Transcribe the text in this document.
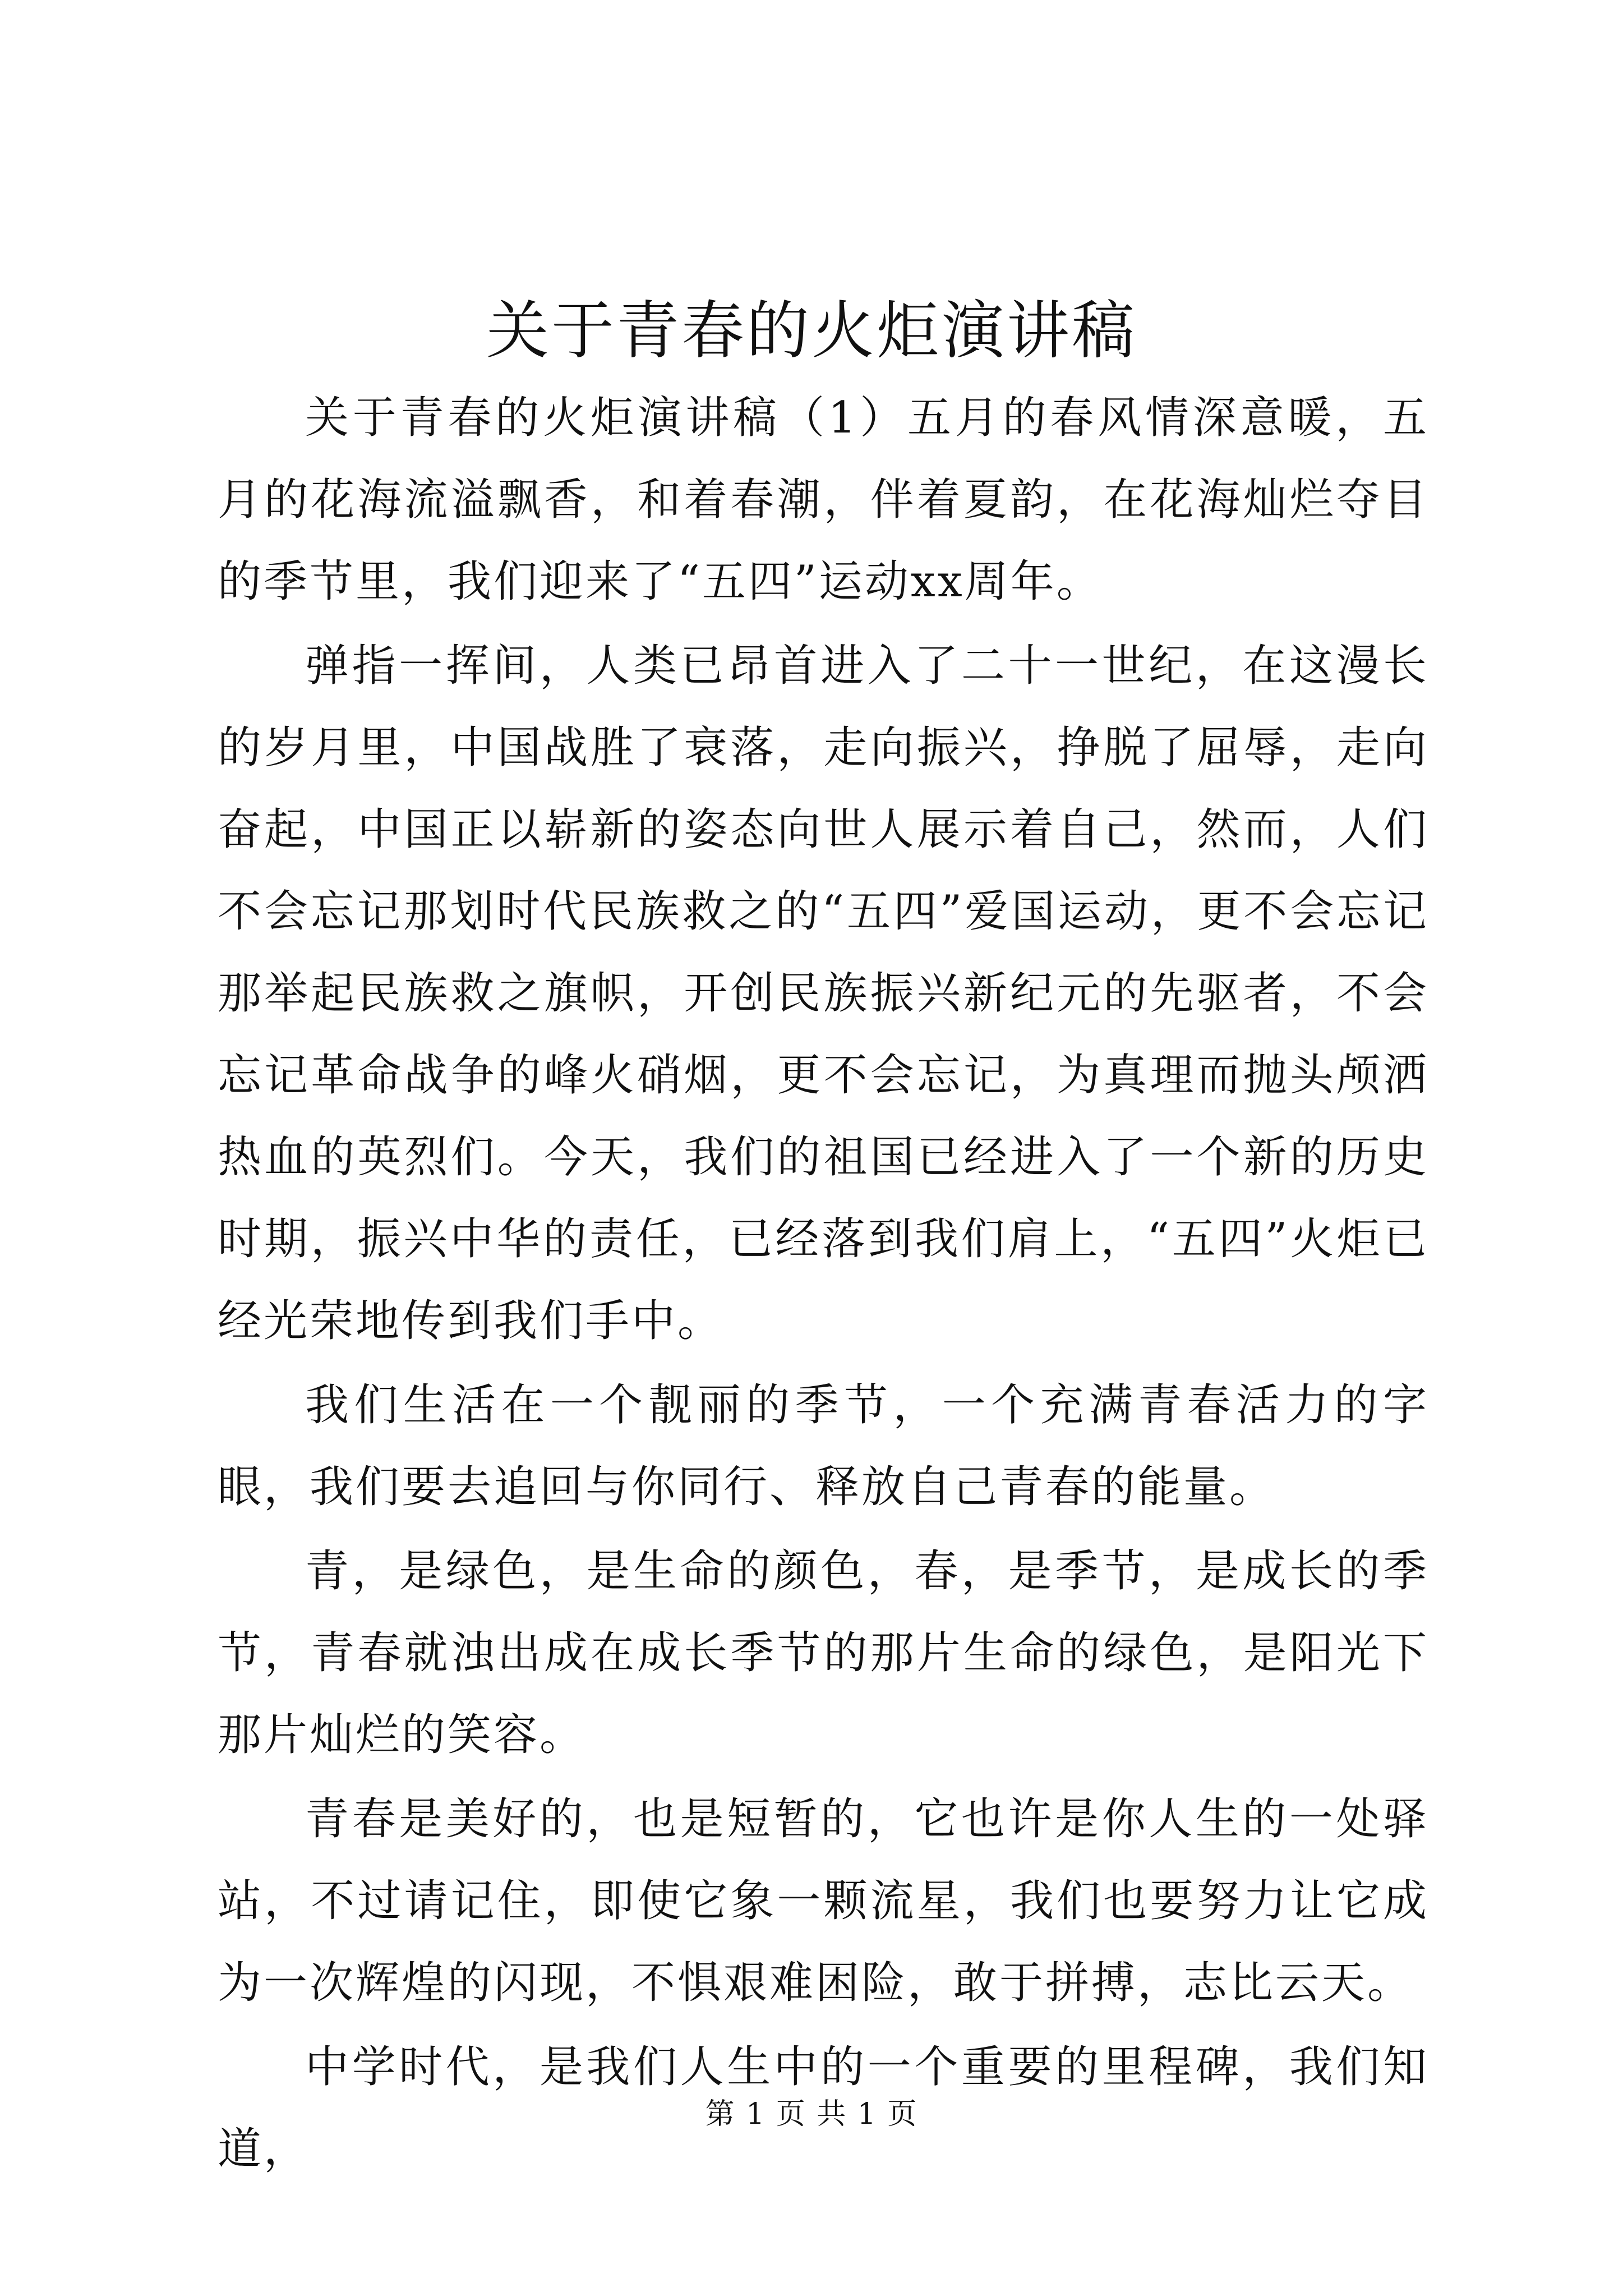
关于青春的火炬演讲稿

关于青春的火炬演讲稿（1）五月的春风情深意暖，五月的花海流溢飘香，和着春潮，伴着夏韵，在花海灿烂夺目的季节里，我们迎来了“五四”运动xx周年。

弹指一挥间，人类已昂首进入了二十一世纪，在这漫长的岁月里，中国战胜了衰落，走向振兴，挣脱了屈辱，走向奋起，中国正以崭新的姿态向世人展示着自己，然而，人们不会忘记那划时代民族救之的“五四”爱国运动，更不会忘记那举起民族救之旗帜，开创民族振兴新纪元的先驱者，不会忘记革命战争的峰火硝烟，更不会忘记，为真理而抛头颅洒热血的英烈们。今天，我们的祖国已经进入了一个新的历史时期，振兴中华的责任，已经落到我们肩上，“五四”火炬已经光荣地传到我们手中。

我们生活在一个靓丽的季节，一个充满青春活力的字眼，我们要去追回与你同行、释放自己青春的能量。

青，是绿色，是生命的颜色，春，是季节，是成长的季节，青春就浊出成在成长季节的那片生命的绿色，是阳光下那片灿烂的笑容。

青春是美好的，也是短暂的，它也许是你人生的一处驿站，不过请记住，即使它象一颗流星，我们也要努力让它成为一次辉煌的闪现，不惧艰难困险，敢于拼搏，志比云天。

中学时代，是我们人生中的一个重要的里程碑，我们知道，

第 1 页 共 1 页
